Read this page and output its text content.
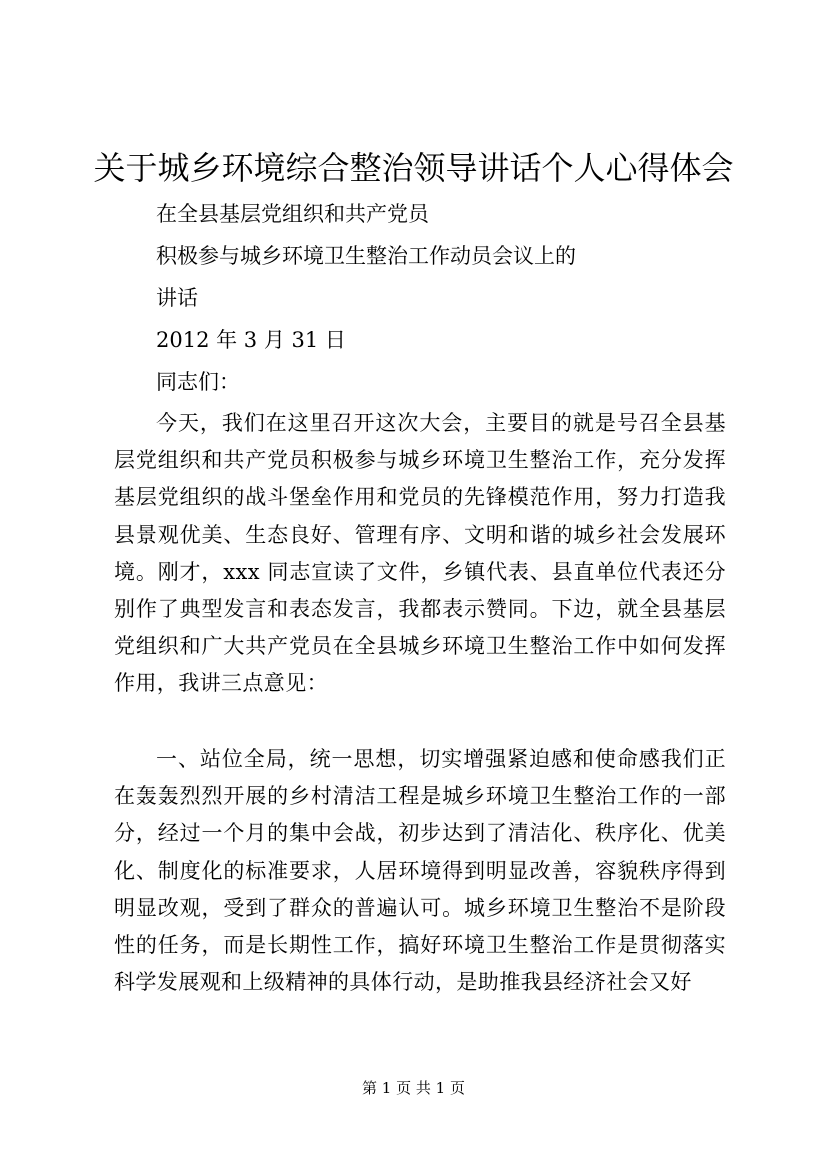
关于城乡环境综合整治领导讲话个人心得体会
在全县基层党组织和共产党员
积极参与城乡环境卫生整治工作动员会议上的
讲话
2012 年 3 月 31 日
同志们：

今天，我们在这里召开这次大会，主要目的就是号召全县基层党组织和共产党员积极参与城乡环境卫生整治工作，充分发挥基层党组织的战斗堡垒作用和党员的先锋模范作用，努力打造我县景观优美、生态良好、管理有序、文明和谐的城乡社会发展环境。刚才，xxx 同志宣读了文件，乡镇代表、县直单位代表还分别作了典型发言和表态发言，我都表示赞同。下边，就全县基层党组织和广大共产党员在全县城乡环境卫生整治工作中如何发挥作用，我讲三点意见：

一、站位全局，统一思想，切实增强紧迫感和使命感我们正在轰轰烈烈开展的乡村清洁工程是城乡环境卫生整治工作的一部分，经过一个月的集中会战，初步达到了清洁化、秩序化、优美化、制度化的标准要求，人居环境得到明显改善，容貌秩序得到明显改观，受到了群众的普遍认可。城乡环境卫生整治不是阶段性的任务，而是长期性工作，搞好环境卫生整治工作是贯彻落实科学发展观和上级精神的具体行动，是助推我县经济社会又好

第 1 页 共 1 页
